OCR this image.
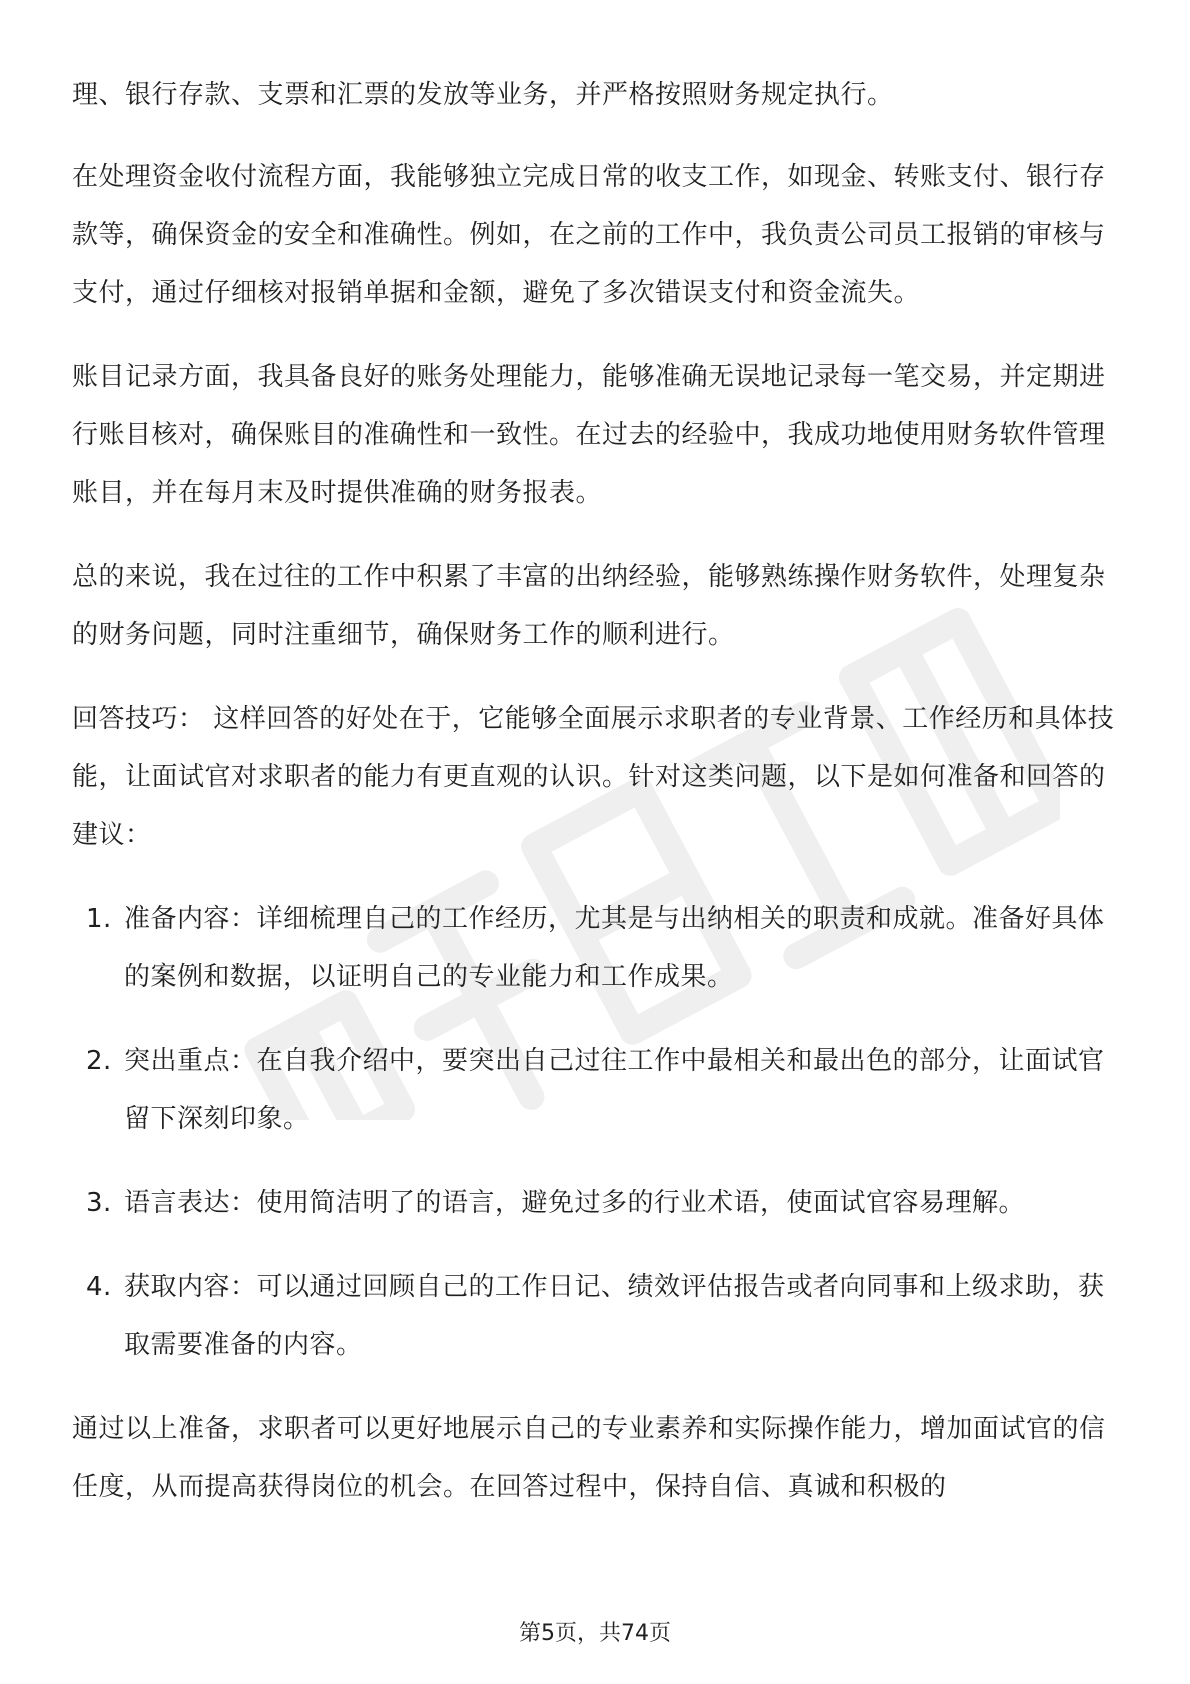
理、银行存款、支票和汇票的发放等业务，并严格按照财务规定执行。

在处理资金收付流程方面，我能够独立完成日常的收支工作，如现金、转账支付、银行存款等，确保资金的安全和准确性。例如，在之前的工作中，我负责公司员工报销的审核与支付，通过仔细核对报销单据和金额，避免了多次错误支付和资金流失。

账目记录方面，我具备良好的账务处理能力，能够准确无误地记录每一笔交易，并定期进行账目核对，确保账目的准确性和一致性。在过去的经验中，我成功地使用财务软件管理账目，并在每月末及时提供准确的财务报表。

总的来说，我在过往的工作中积累了丰富的出纳经验，能够熟练操作财务软件，处理复杂的财务问题，同时注重细节，确保财务工作的顺利进行。

回答技巧： 这样回答的好处在于，它能够全面展示求职者的专业背景、工作经历和具体技能，让面试官对求职者的能力有更直观的认识。针对这类问题，以下是如何准备和回答的建议：

1. 准备内容：详细梳理自己的工作经历，尤其是与出纳相关的职责和成就。准备好具体的案例和数据，以证明自己的专业能力和工作成果。
2. 突出重点：在自我介绍中，要突出自己过往工作中最相关和最出色的部分，让面试官留下深刻印象。
3. 语言表达：使用简洁明了的语言，避免过多的行业术语，使面试官容易理解。
4. 获取内容：可以通过回顾自己的工作日记、绩效评估报告或者向同事和上级求助，获取需要准备的内容。

通过以上准备，求职者可以更好地展示自己的专业素养和实际操作能力，增加面试官的信任度，从而提高获得岗位的机会。在回答过程中，保持自信、真诚和积极的

第5页，共74页
